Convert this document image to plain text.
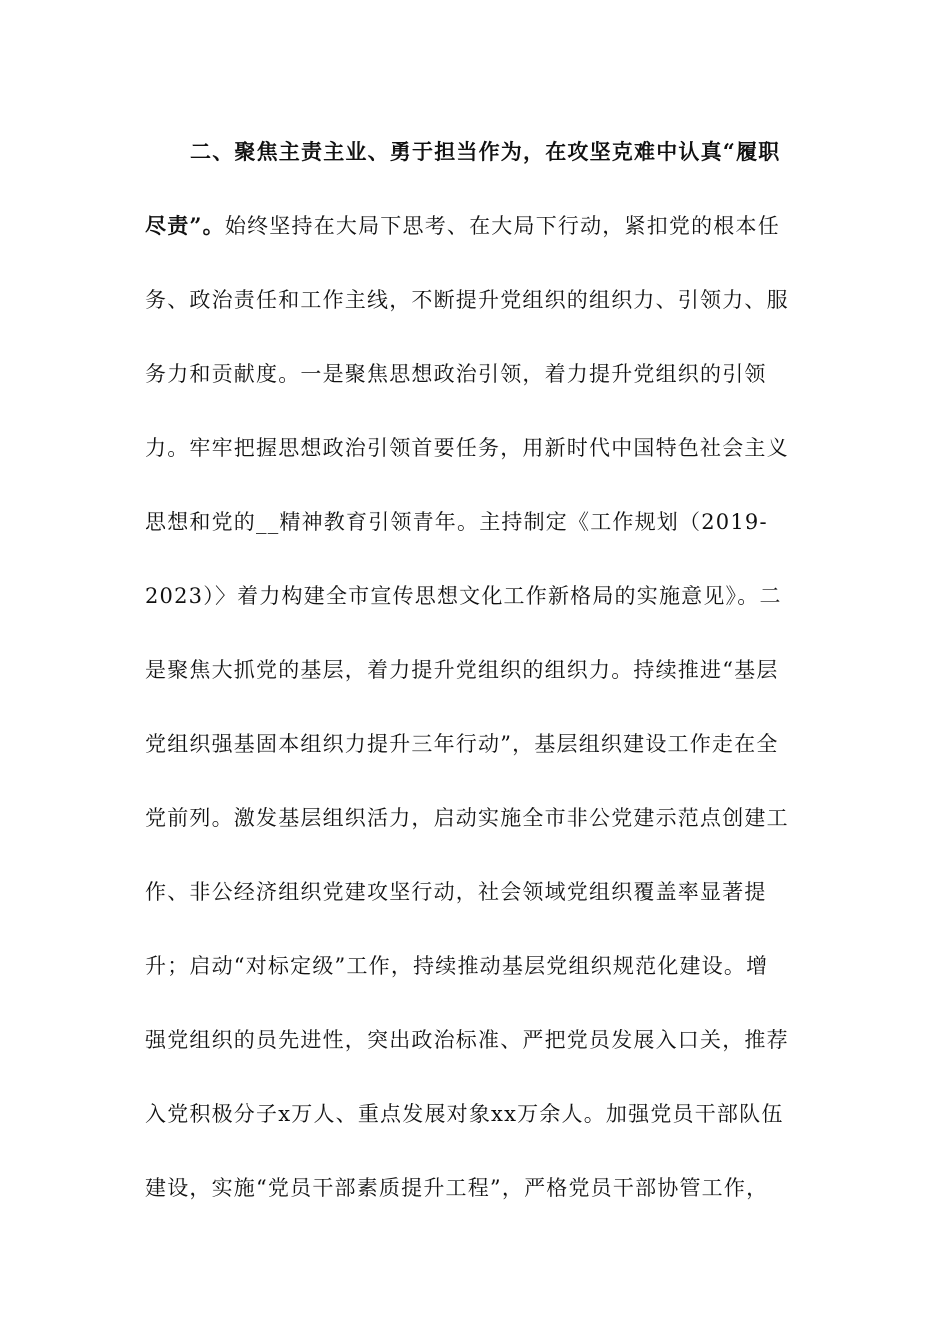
二、聚焦主责主业、勇于担当作为，在攻坚克难中认真“履职
尽责”。始终坚持在大局下思考、在大局下行动，紧扣党的根本任
务、政治责任和工作主线，不断提升党组织的组织力、引领力、服
务力和贡献度。一是聚焦思想政治引领，着力提升党组织的引领
力。牢牢把握思想政治引领首要任务，用新时代中国特色社会主义
思想和党的__精神教育引领青年。主持制定《工作规划（2019-
2023）〉着力构建全市宣传思想文化工作新格局的实施意见》。二
是聚焦大抓党的基层，着力提升党组织的组织力。持续推进“基层
党组织强基固本组织力提升三年行动”，基层组织建设工作走在全
党前列。激发基层组织活力，启动实施全市非公党建示范点创建工
作、非公经济组织党建攻坚行动，社会领域党组织覆盖率显著提
升；启动“对标定级”工作，持续推动基层党组织规范化建设。增
强党组织的员先进性，突出政治标准、严把党员发展入口关，推荐
入党积极分子x万人、重点发展对象xx万余人。加强党员干部队伍
建设，实施“党员干部素质提升工程”，严格党员干部协管工作，
